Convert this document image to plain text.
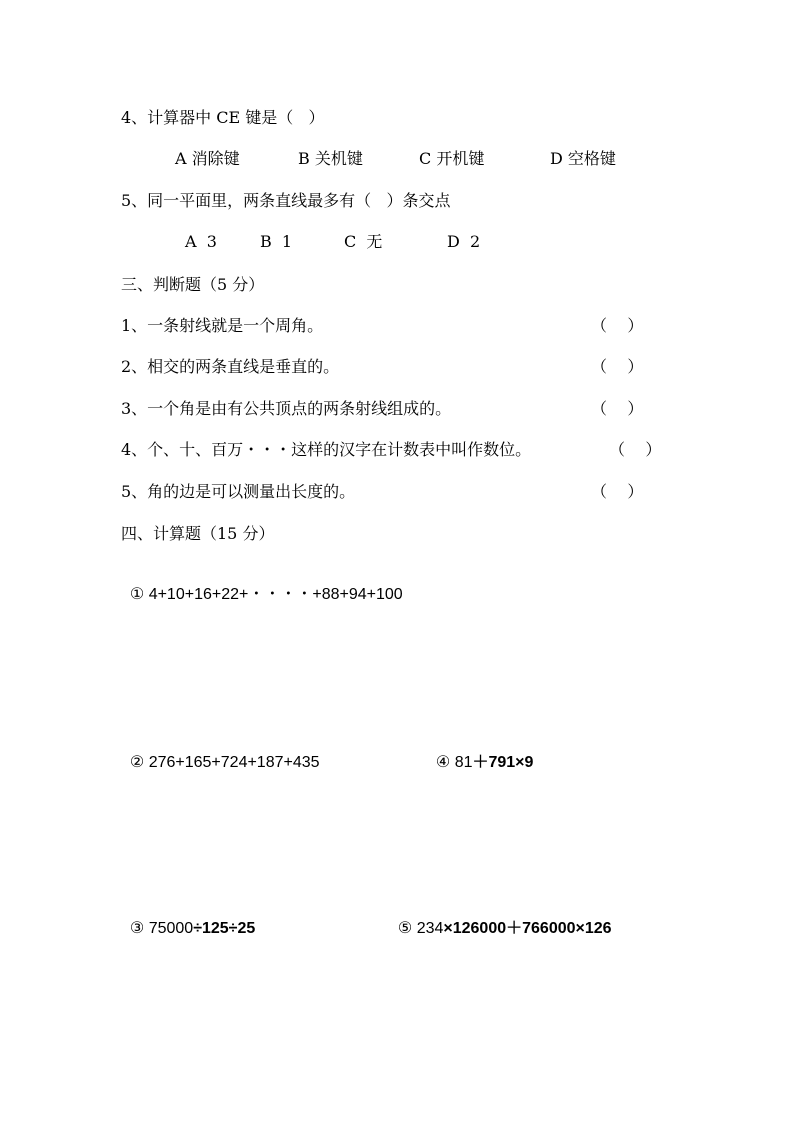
4、计算器中 CE 键是（   ）
A 消除键	B 关机键	C 开机键	D 空格键
5、同一平面里，两条直线最多有（   ）条交点
A  3	B  1	C  无	D  2
三、判断题（5 分）
1、一条射线就是一个周角。	（    ）
2、相交的两条直线是垂直的。	（    ）
3、一个角是由有公共顶点的两条射线组成的。	（    ）
4、个、十、百万・・・这样的汉字在计数表中叫作数位。	（    ）
5、角的边是可以测量出长度的。	（    ）
四、计算题（15 分）

① 4+10+16+22+・・・・+88+94+100

② 276+165+724+187+435	④ 81＋791×9

③ 75000÷125÷25	⑤ 234×126000＋766000×126
